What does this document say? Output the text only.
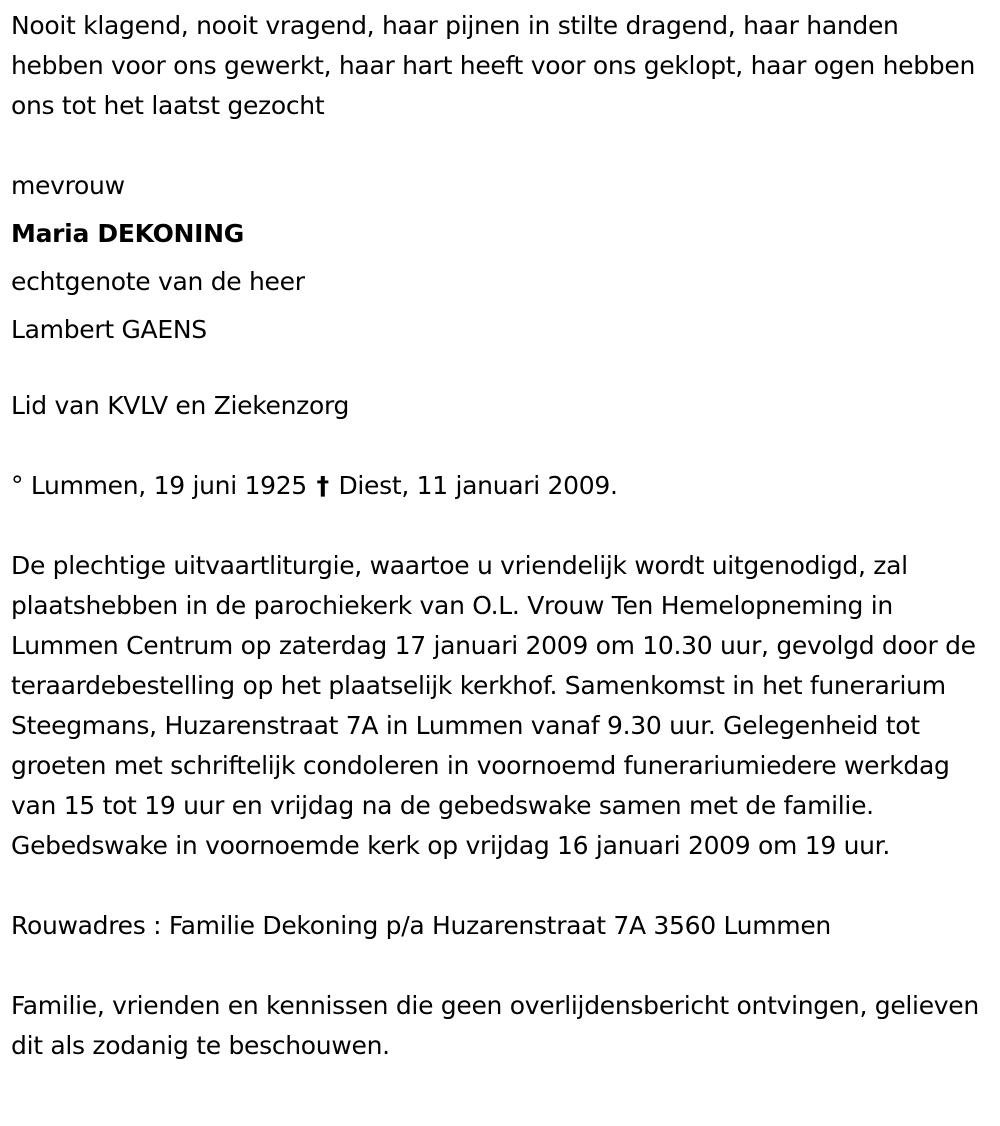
Nooit klagend, nooit vragend, haar pijnen in stilte dragend, haar handen hebben voor ons gewerkt, haar hart heeft voor ons geklopt, haar ogen hebben ons tot het laatst gezocht

mevrouw

Maria DEKONING

echtgenote van de heer

Lambert GAENS

Lid van KVLV en Ziekenzorg

° Lummen, 19 juni 1925 † Diest, 11 januari 2009.

De plechtige uitvaartliturgie, waartoe u vriendelijk wordt uitgenodigd, zal plaatshebben in de parochiekerk van O.L. Vrouw Ten Hemelopneming in Lummen Centrum op zaterdag 17 januari 2009 om 10.30 uur, gevolgd door de teraardebestelling op het plaatselijk kerkhof. Samenkomst in het funerarium Steegmans, Huzarenstraat 7A in Lummen vanaf 9.30 uur. Gelegenheid tot groeten met schriftelijk condoleren in voornoemd funerariumiedere werkdag van 15 tot 19 uur en vrijdag na de gebedswake samen met de familie. Gebedswake in voornoemde kerk op vrijdag 16 januari 2009 om 19 uur.

Rouwadres : Familie Dekoning p/a Huzarenstraat 7A 3560 Lummen

Familie, vrienden en kennissen die geen overlijdensbericht ontvingen, gelieven dit als zodanig te beschouwen.
